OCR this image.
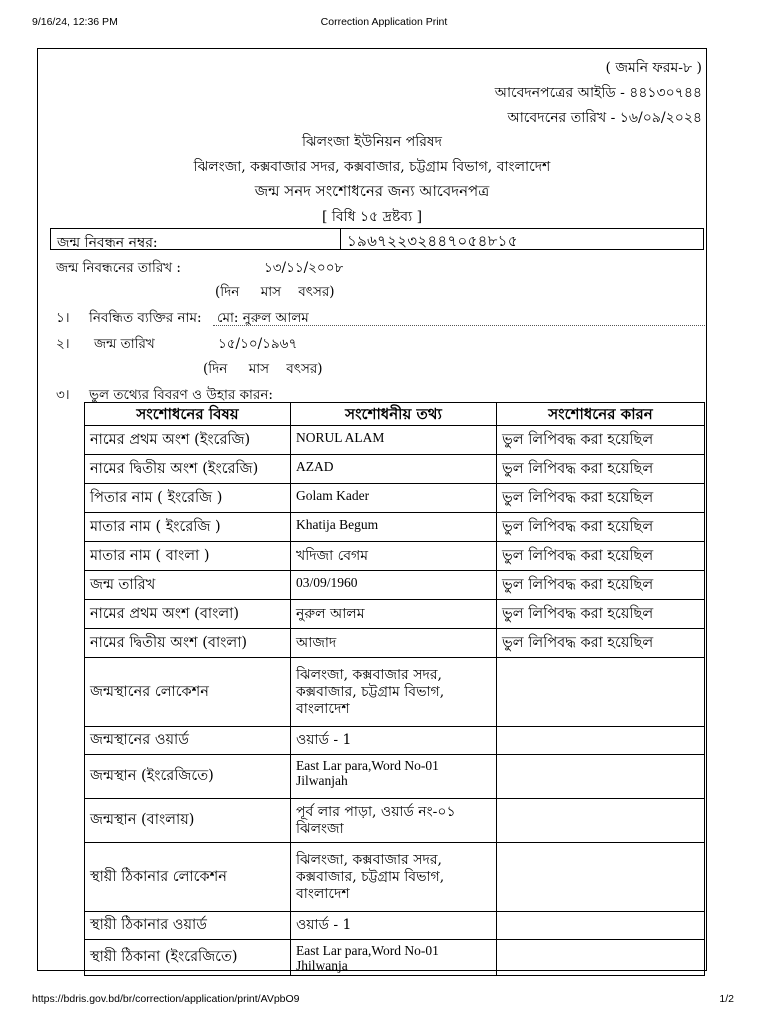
9/16/24, 12:36 PM	Correction Application Print
( জমনি ফরম-৮ )
আবেদনপত্রের আইডি - ৪৪১৩০৭৪৪
আবেদনের তারিখ - ১৬/০৯/২০২৪
ঝিলংজা ইউনিয়ন পরিষদ
ঝিলংজা, কক্সবাজার সদর, কক্সবাজার, চট্টগ্রাম বিভাগ, বাংলাদেশ
জন্ম সনদ সংশোধনের জন্য আবেদনপত্র
[ বিধি ১৫ দ্রষ্টব্য ]
জন্ম নিবন্ধন নম্বর:	১৯৬৭২২৩২৪৪৭০৫৪৮১৫
জন্ম নিবন্ধনের তারিখ :	১৩/১১/২০০৮
(দিন     মাস    বৎসর)
১। নিবন্ধিত ব্যক্তির নাম: মো: নুরুল আলম
২। জন্ম তারিখ	১৫/১০/১৯৬৭
(দিন     মাস    বৎসর)
৩। ভুল তথ্যের বিবরণ ও উহার কারন:
সংশোধনের বিষয়	সংশোধনীয় তথ্য	সংশোধনের কারন
নামের প্রথম অংশ (ইংরেজি)	NORUL ALAM	ভুল লিপিবদ্ধ করা হয়েছিল
নামের দ্বিতীয় অংশ (ইংরেজি)	AZAD	ভুল লিপিবদ্ধ করা হয়েছিল
পিতার নাম ( ইংরেজি )	Golam Kader	ভুল লিপিবদ্ধ করা হয়েছিল
মাতার নাম ( ইংরেজি )	Khatija Begum	ভুল লিপিবদ্ধ করা হয়েছিল
মাতার নাম ( বাংলা )	খদিজা বেগম	ভুল লিপিবদ্ধ করা হয়েছিল
জন্ম তারিখ	03/09/1960	ভুল লিপিবদ্ধ করা হয়েছিল
নামের প্রথম অংশ (বাংলা)	নুরুল আলম	ভুল লিপিবদ্ধ করা হয়েছিল
নামের দ্বিতীয় অংশ (বাংলা)	আজাদ	ভুল লিপিবদ্ধ করা হয়েছিল
জন্মস্থানের লোকেশন	ঝিলংজা, কক্সবাজার সদর, কক্সবাজার, চট্টগ্রাম বিভাগ, বাংলাদেশ	
জন্মস্থানের ওয়ার্ড	ওয়ার্ড - 1	
জন্মস্থান (ইংরেজিতে)	East Lar para,Word No-01 Jilwanjah	
জন্মস্থান (বাংলায়)	পূর্ব লার পাড়া, ওয়ার্ড নং-০১ ঝিলংজা	
স্থায়ী ঠিকানার লোকেশন	ঝিলংজা, কক্সবাজার সদর, কক্সবাজার, চট্টগ্রাম বিভাগ, বাংলাদেশ	
স্থায়ী ঠিকানার ওয়ার্ড	ওয়ার্ড - 1	
স্থায়ী ঠিকানা (ইংরেজিতে)	East Lar para,Word No-01 Jhilwanja	
https://bdris.gov.bd/br/correction/application/print/AVpbO9	1/2
